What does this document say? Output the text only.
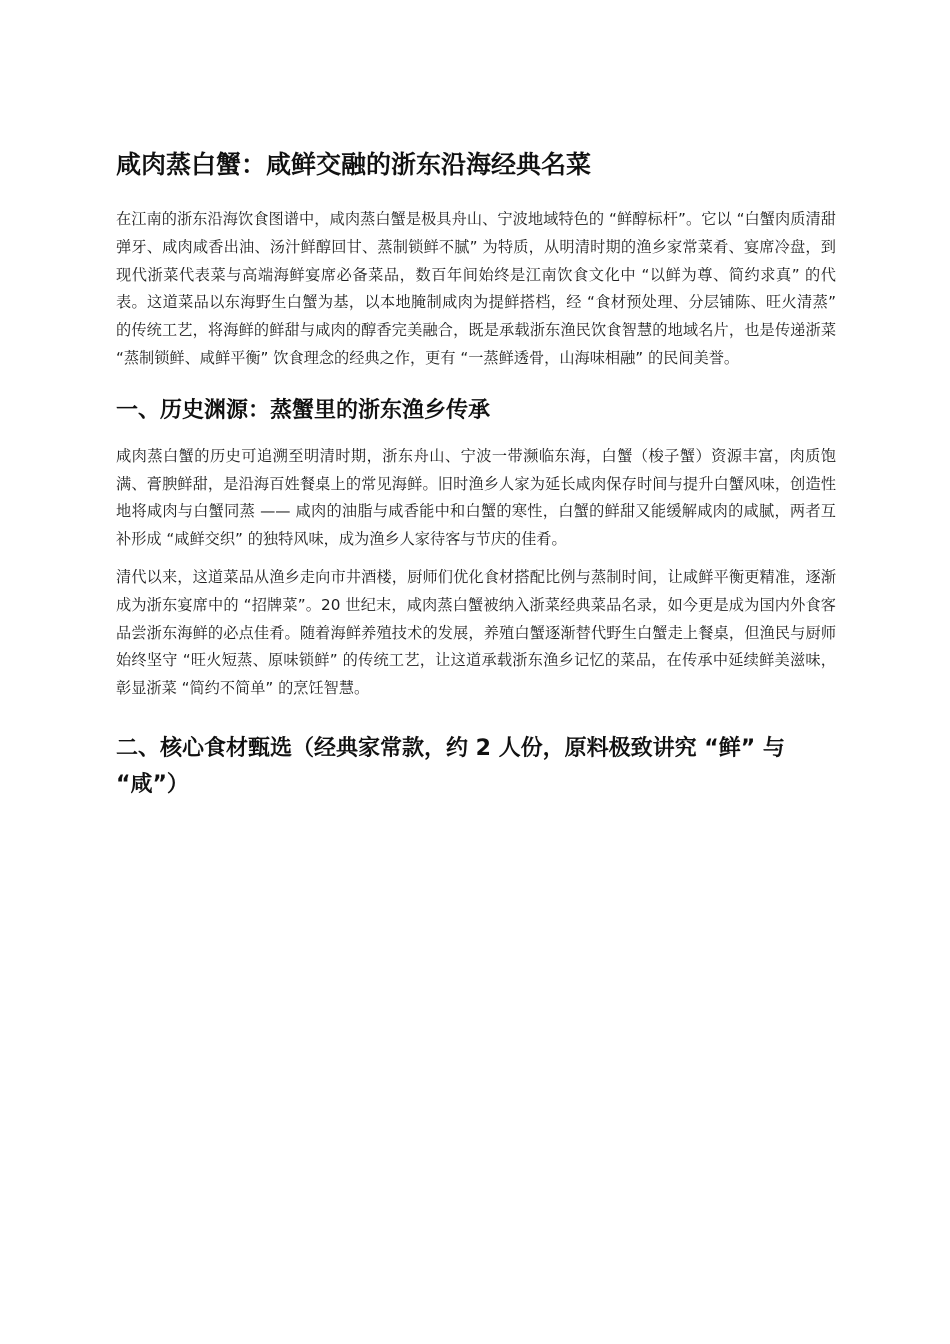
咸肉蒸白蟹：咸鲜交融的浙东沿海经典名菜

在江南的浙东沿海饮食图谱中，咸肉蒸白蟹是极具舟山、宁波地域特色的 “鲜醇标杆”。它以 “白蟹肉质清甜弹牙、咸肉咸香出油、汤汁鲜醇回甘、蒸制锁鲜不腻” 为特质，从明清时期的渔乡家常菜肴、宴席冷盘，到现代浙菜代表菜与高端海鲜宴席必备菜品，数百年间始终是江南饮食文化中 “以鲜为尊、简约求真” 的代表。这道菜品以东海野生白蟹为基，以本地腌制咸肉为提鲜搭档，经 “食材预处理、分层铺陈、旺火清蒸” 的传统工艺，将海鲜的鲜甜与咸肉的醇香完美融合，既是承载浙东渔民饮食智慧的地域名片，也是传递浙菜 “蒸制锁鲜、咸鲜平衡” 饮食理念的经典之作，更有 “一蒸鲜透骨，山海味相融” 的民间美誉。

一、历史渊源：蒸蟹里的浙东渔乡传承

咸肉蒸白蟹的历史可追溯至明清时期，浙东舟山、宁波一带濒临东海，白蟹（梭子蟹）资源丰富，肉质饱满、膏腴鲜甜，是沿海百姓餐桌上的常见海鲜。旧时渔乡人家为延长咸肉保存时间与提升白蟹风味，创造性地将咸肉与白蟹同蒸 —— 咸肉的油脂与咸香能中和白蟹的寒性，白蟹的鲜甜又能缓解咸肉的咸腻，两者互补形成 “咸鲜交织” 的独特风味，成为渔乡人家待客与节庆的佳肴。

清代以来，这道菜品从渔乡走向市井酒楼，厨师们优化食材搭配比例与蒸制时间，让咸鲜平衡更精准，逐渐成为浙东宴席中的 “招牌菜”。20 世纪末，咸肉蒸白蟹被纳入浙菜经典菜品名录，如今更是成为国内外食客品尝浙东海鲜的必点佳肴。随着海鲜养殖技术的发展，养殖白蟹逐渐替代野生白蟹走上餐桌，但渔民与厨师始终坚守 “旺火短蒸、原味锁鲜” 的传统工艺，让这道承载浙东渔乡记忆的菜品，在传承中延续鲜美滋味，彰显浙菜 “简约不简单” 的烹饪智慧。

二、核心食材甄选（经典家常款，约 2 人份，原料极致讲究 “鲜” 与 “咸”）
